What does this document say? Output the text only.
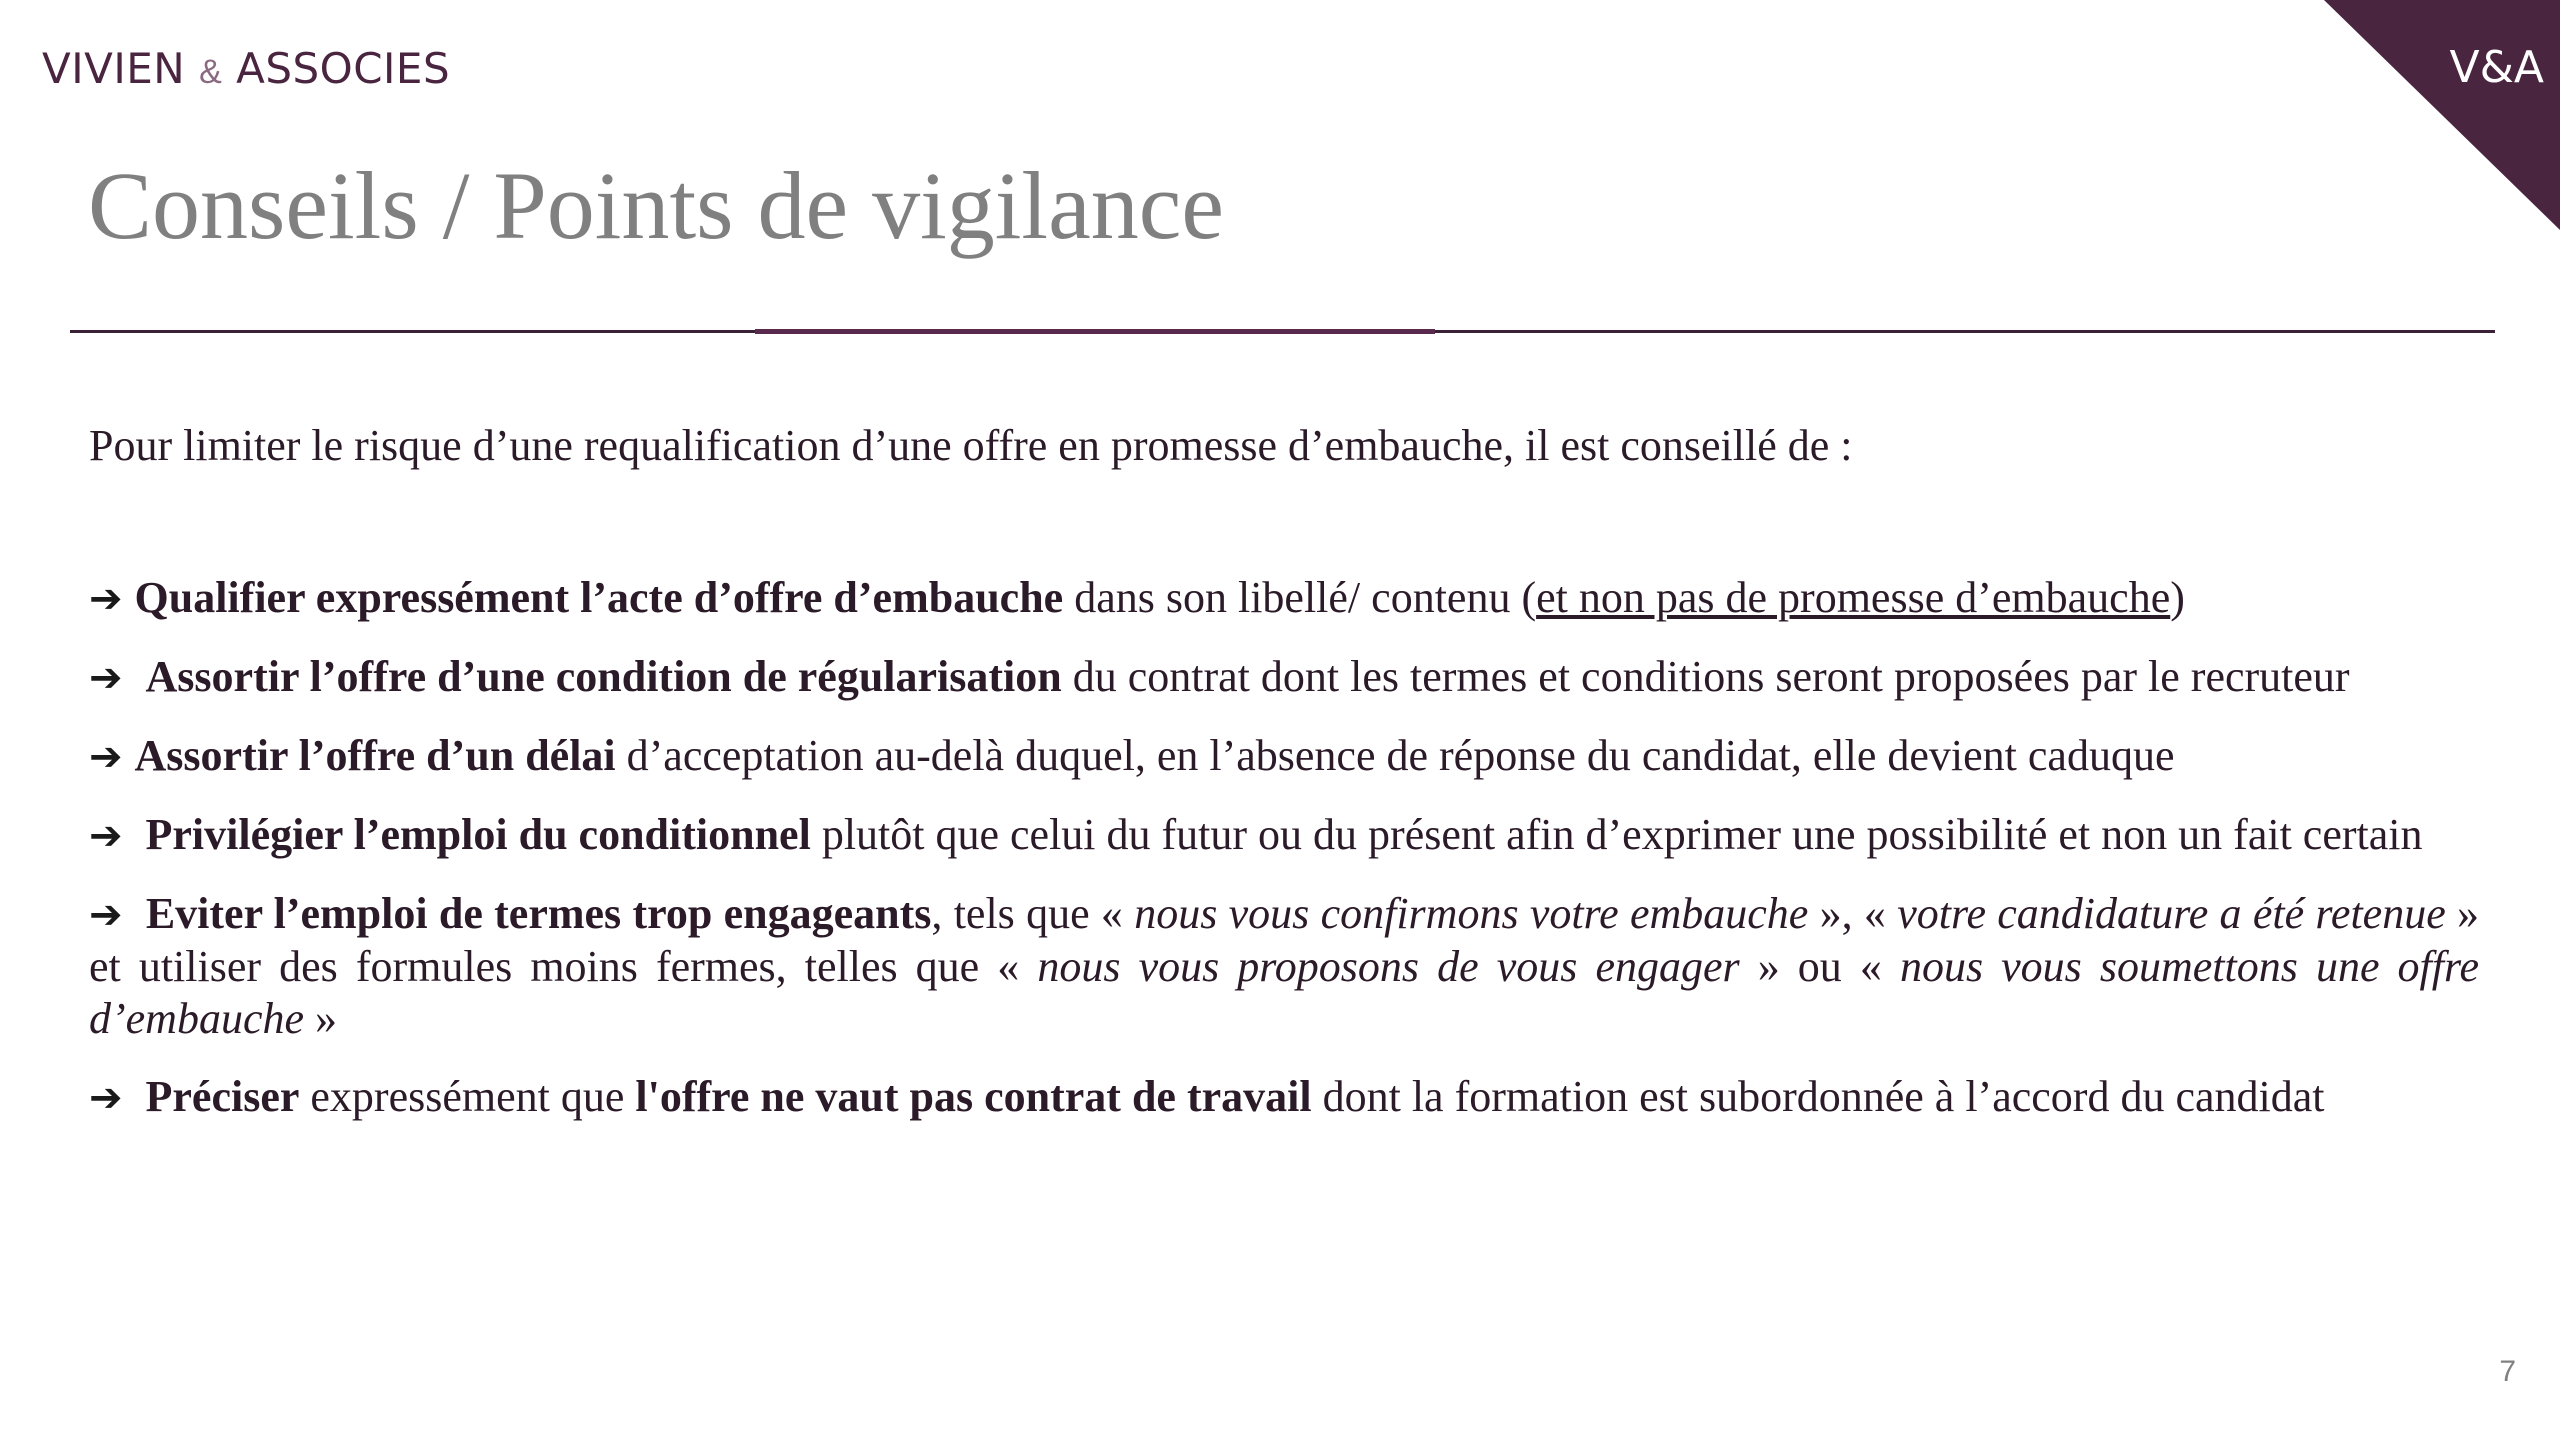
VIVIEN & ASSOCIES	V&A
Conseils / Points de vigilance

Pour limiter le risque d’une requalification d’une offre en promesse d’embauche, il est conseillé de :

➔ Qualifier expressément l’acte d’offre d’embauche dans son libellé/ contenu (et non pas de promesse d’embauche)
➔ Assortir l’offre d’une condition de régularisation du contrat dont les termes et conditions seront proposées par le recruteur
➔ Assortir l’offre d’un délai d’acceptation au-delà duquel, en l’absence de réponse du candidat, elle devient caduque
➔ Privilégier l’emploi du conditionnel plutôt que celui du futur ou du présent afin d’exprimer une possibilité et non un fait certain
➔ Eviter l’emploi de termes trop engageants, tels que « nous vous confirmons votre embauche », « votre candidature a été retenue » et utiliser des formules moins fermes, telles que « nous vous proposons de vous engager » ou « nous vous soumettons une offre d’embauche »
➔ Préciser expressément que l'offre ne vaut pas contrat de travail dont la formation est subordonnée à l’accord du candidat
7
